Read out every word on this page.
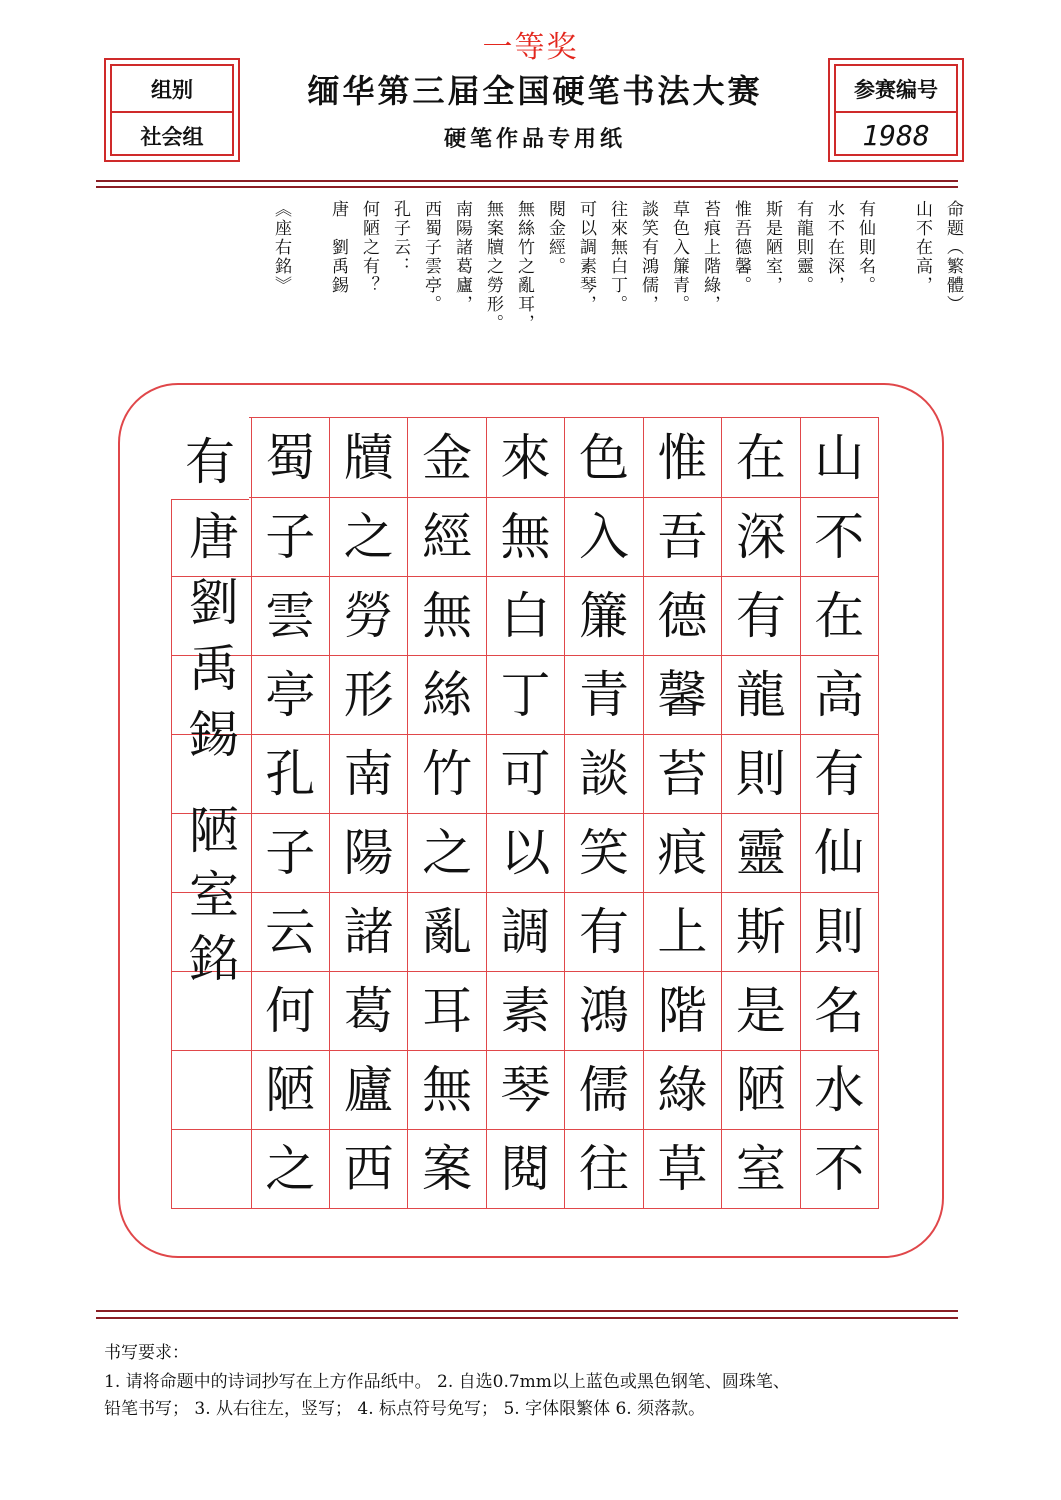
一等奖
组别
社会组
缅华第三届全国硬笔书法大赛
硬笔作品专用纸
参赛编号
1988
命题（繁體）
山不在高，
有仙則名。
水不在深，
有龍則靈。
斯是陋室，
惟吾德馨。
苔痕上階綠，
草色入簾青。
談笑有鴻儒，
往來無白丁。
可以調素琴，
閱金經。
無絲竹之亂耳，
無案牘之勞形。
南陽諸葛廬，
西蜀子雲亭。
孔子云：
何陋之有？
唐　劉禹錫
《座右銘》
山
不
在
高
有
仙
則
名
水
不
在
深
有
龍
則
靈
斯
是
陋
室
惟
吾
德
馨
苔
痕
上
階
綠
草
色
入
簾
青
談
笑
有
鴻
儒
往
來
無
白
丁
可
以
調
素
琴
閱
金
經
無
絲
竹
之
亂
耳
無
案
牘
之
勞
形
南
陽
諸
葛
廬
西
蜀
子
雲
亭
孔
子
云
何
陋
之
有
唐劉禹錫
陋室銘
书写要求：
1. 请将命题中的诗词抄写在上方作品纸中。 2. 自选0.7mm以上蓝色或黑色钢笔、圆珠笔、
铅笔书写； 3. 从右往左，竖写； 4. 标点符号免写； 5. 字体限繁体 6. 须落款。
